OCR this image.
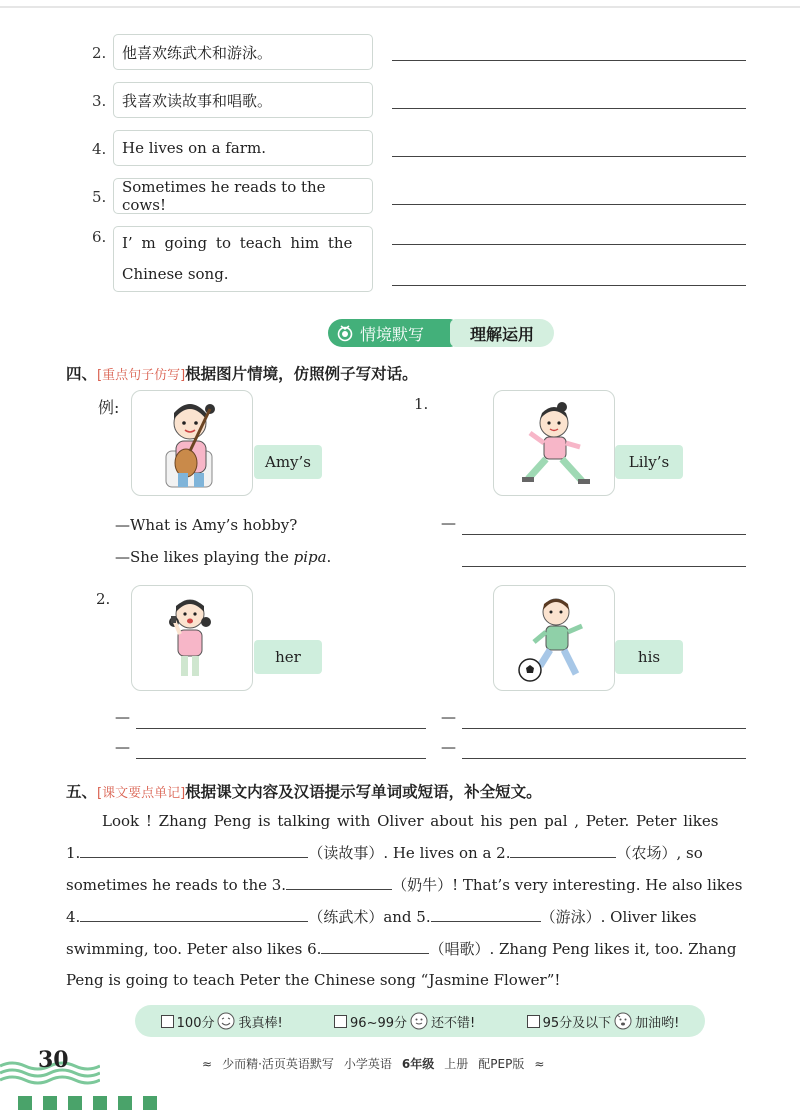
2. 他喜欢练武术和游泳。
3. 我喜欢读故事和唱歌。
4. He lives on a farm.
5.
Sometimes he reads to the cows!
6. I’ m going to teach him the
Chinese song.
情境默写	理解运用
四、[重点句子仿写]根据图片情境，仿照例子写对话。
例:
Amy’s
1.
Lily’s
—What is Amy’s hobby?
—She likes playing the pipa.
—
2.
her	his
—
—
—
—
五、[课文要点单记]根据课文内容及汉语提示写单词或短语，补全短文。
Look ! Zhang Peng is talking with Oliver about his pen pal , Peter. Peter likes
1.	（读故事）. He lives on a 2.	（农场）, so
sometimes he reads to the 3.	（奶牛）! That’s very interesting. He also likes
4.	（练武术）and 5.	（游泳）. Oliver likes
swimming, too. Peter also likes 6.	（唱歌）. Zhang Peng likes it, too. Zhang
Peng is going to teach Peter the Chinese song “Jasmine Flower”!
100分 我真棒!	96~99分 还不错!	95分及以下 加油哟!
30	≈ 少而精·活页英语默写 小学英语 6年级 上册 配PEP版 ≈
